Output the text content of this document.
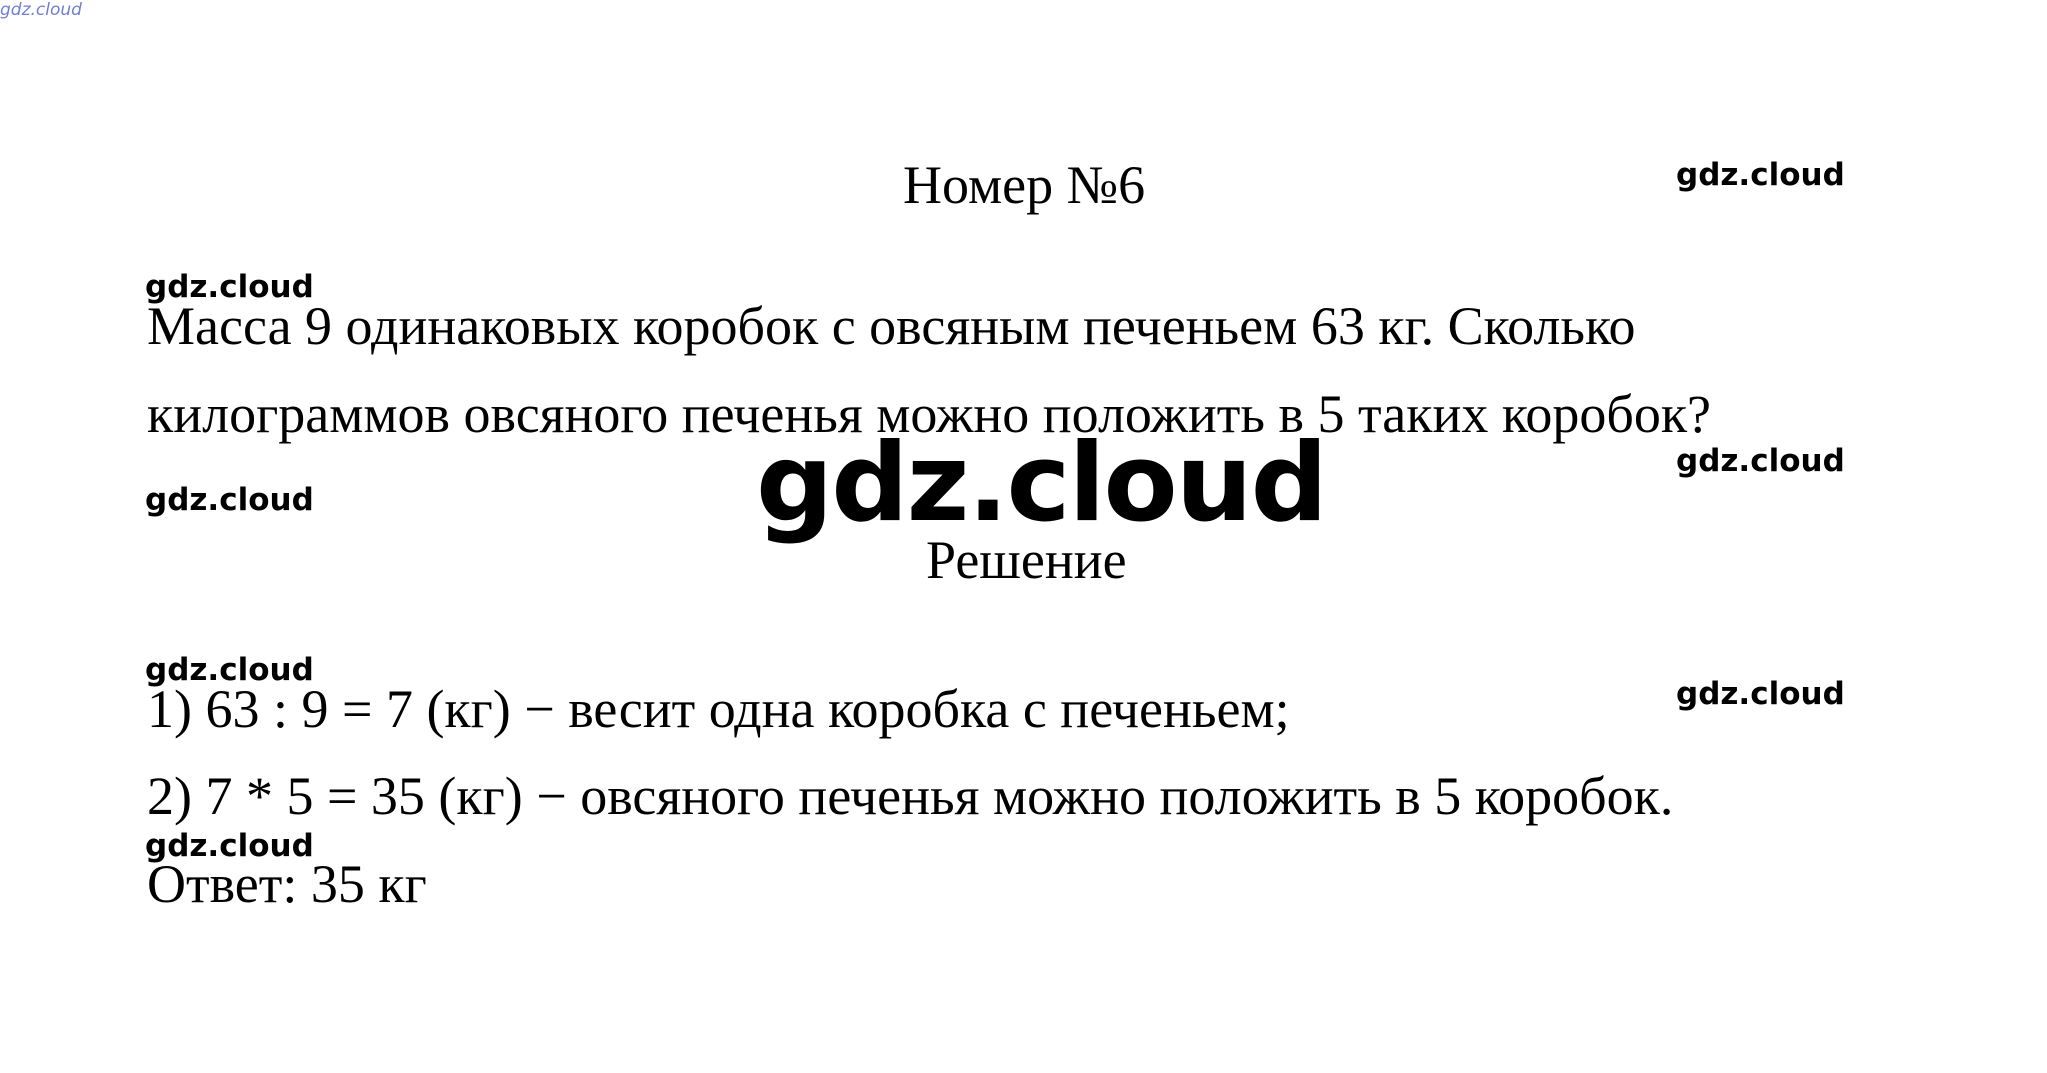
gdz.cloud
gdz.cloud
gdz.cloud
gdz.cloud
gdz.cloud	gdz.cloud
gdz.cloud
gdz.cloud
gdz.cloud
Номер №6
Масса 9 одинаковых коробок с овсяным печеньем 63 кг. Сколько
килограммов овсяного печенья можно положить в 5 таких коробок?
Решение
1) 63 : 9 = 7 (кг) − весит одна коробка с печеньем;
2) 7 * 5 = 35 (кг) − овсяного печенья можно положить в 5 коробок.
Ответ: 35 кг
